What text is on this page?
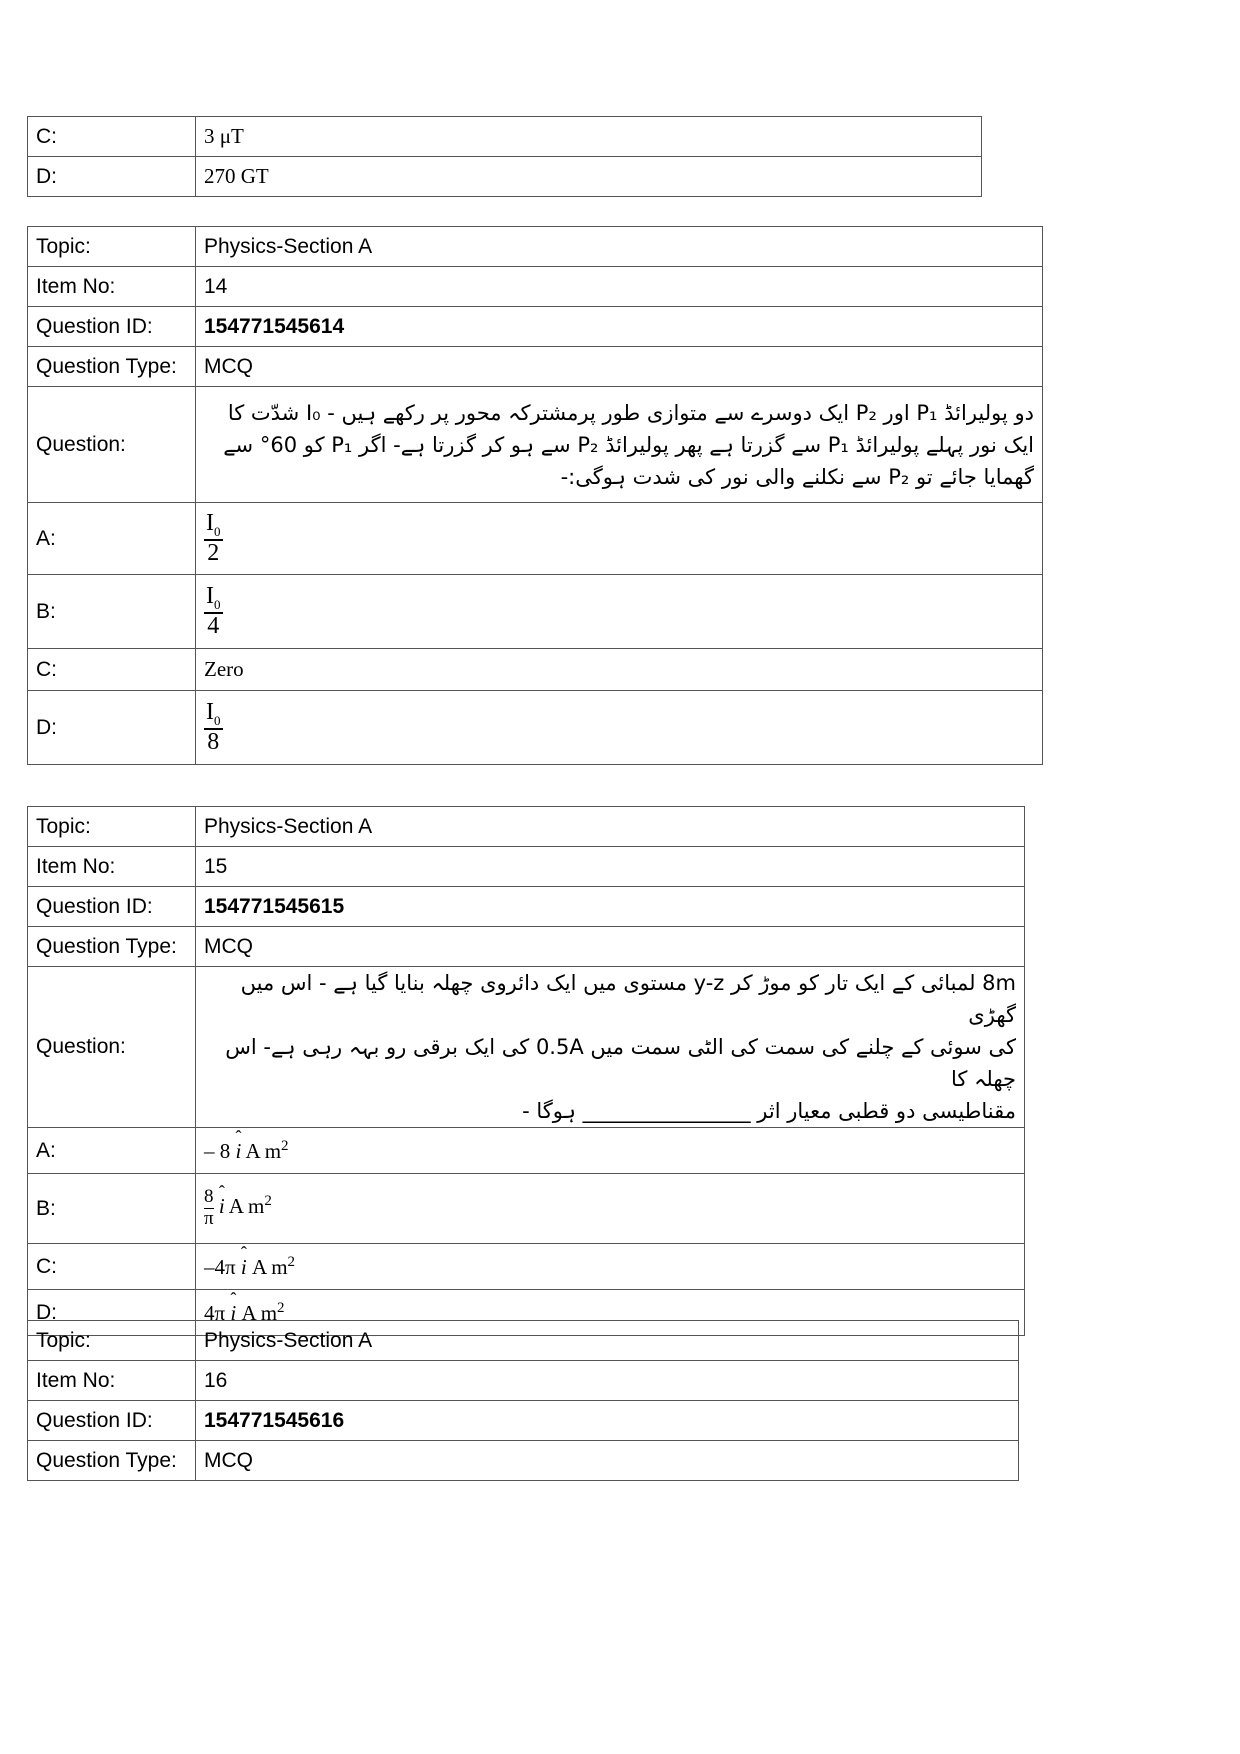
C:	3 μT
D:	270 GT
Topic:	Physics-Section A
Item No:	14
Question ID:	154771545614
Question Type:	MCQ
Question:	دو پولیرائڈ P₁ اور P₂ ایک دوسرے سے متوازی طور پرمشترکہ محور پر رکھے ہیں - I₀ شدّت کا
ایک نور پہلے پولیرائڈ P₁ سے گزرتا ہے پھر پولیرائڈ P₂ سے ہو کر گزرتا ہے- اگر P₁ کو 60° سے
گھمایا جائے تو P₂ سے نکلنے والی نور کی شدت ہوگی:-

A:	$\frac{I_0}{2}$

B:	$\frac{I_0}{4}$

C:	Zero
D:	$\frac{I_0}{8}$
Topic:	Physics-Section A
Item No:	15
Question ID:	154771545615
Question Type:	MCQ
Question:	8m لمبائی کے ایک تار کو موڑ کر y-z مستوی میں ایک دائروی چھلہ بنایا گیا ہے - اس میں گھڑی
کی سوئی کے چلنے کی سمت کی الٹی سمت میں 0.5A کی ایک برقی رو بہہ رہی ہے- اس چھلہ کا
مقناطیسی دو قطبی معیار اثر ________________ ہوگا -

A:	– 8 ˆ i A $m^2$
B:	$\frac{8}{\pi}$ ˆ i A $m^2$
C:	–4π ˆ i A $m^2$
D:	4π ˆ i A $m^2$
Topic:	Physics-Section A
Item No:	16
Question ID:	154771545616
Question Type:	MCQ
